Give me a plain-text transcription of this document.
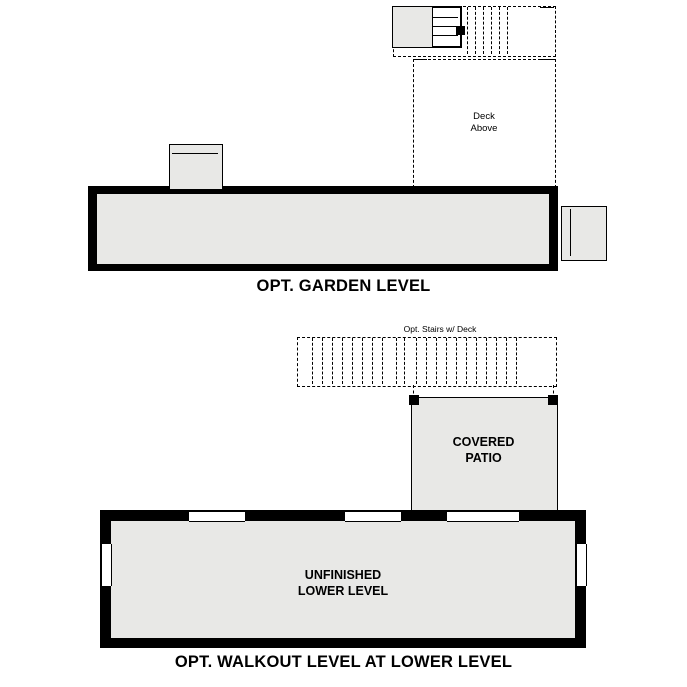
Deck
Above
OPT. GARDEN LEVEL
Opt. Stairs w/ Deck
COVERED
PATIO
UNFINISHED
LOWER LEVEL
OPT. WALKOUT LEVEL AT LOWER LEVEL
